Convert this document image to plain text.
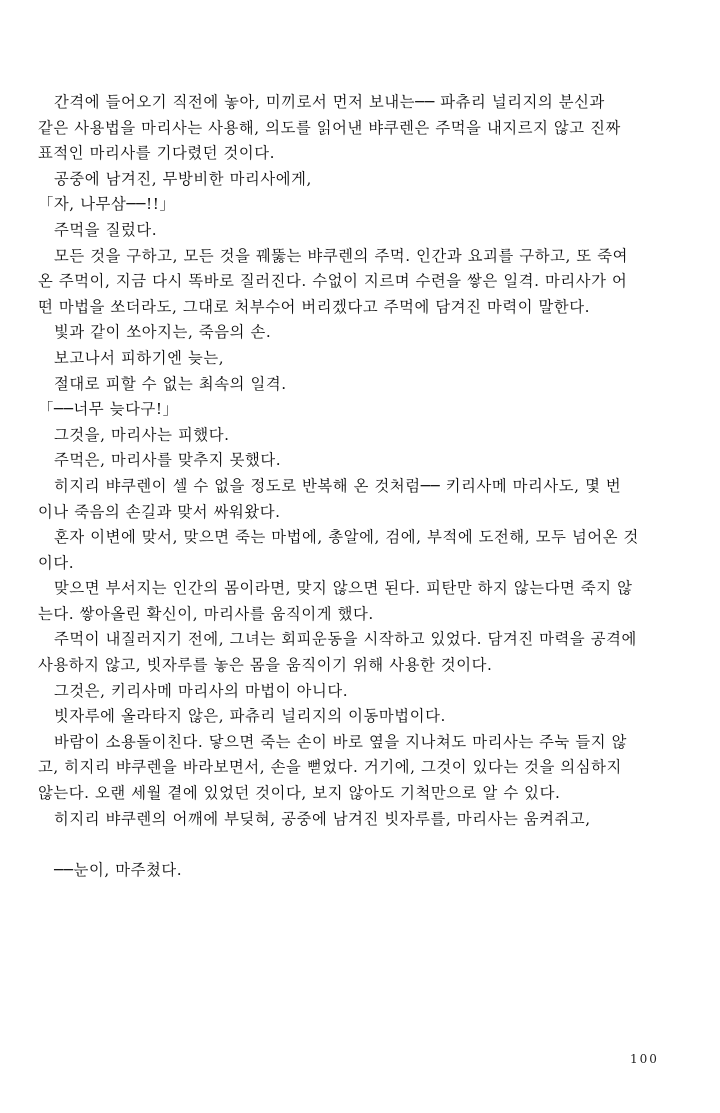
간격에 들어오기 직전에 놓아, 미끼로서 먼저 보내는── 파츄리 널리지의 분신과
같은 사용법을 마리사는 사용해, 의도를 읽어낸 뱌쿠렌은 주먹을 내지르지 않고 진짜
표적인 마리사를 기다렸던 것이다.
공중에 남겨진, 무방비한 마리사에게,
「자, 나무삼──!!」
주먹을 질렀다.
모든 것을 구하고, 모든 것을 꿰뚫는 뱌쿠렌의 주먹. 인간과 요괴를 구하고, 또 죽여
온 주먹이, 지금 다시 똑바로 질러진다. 수없이 지르며 수련을 쌓은 일격. 마리사가 어
떤 마법을 쏘더라도, 그대로 처부수어 버리겠다고 주먹에 담겨진 마력이 말한다.
빛과 같이 쏘아지는, 죽음의 손.
보고나서 피하기엔 늦는,
절대로 피할 수 없는 최속의 일격.
「──너무 늦다구!」
그것을, 마리사는 피했다.
주먹은, 마리사를 맞추지 못했다.
히지리 뱌쿠렌이 셀 수 없을 정도로 반복해 온 것처럼── 키리사메 마리사도, 몇 번
이나 죽음의 손길과 맞서 싸워왔다.
혼자 이변에 맞서, 맞으면 죽는 마법에, 총알에, 검에, 부적에 도전해, 모두 넘어온 것
이다.
맞으면 부서지는 인간의 몸이라면, 맞지 않으면 된다. 피탄만 하지 않는다면 죽지 않
는다. 쌓아올린 확신이, 마리사를 움직이게 했다.
주먹이 내질러지기 전에, 그녀는 회피운동을 시작하고 있었다. 담겨진 마력을 공격에
사용하지 않고, 빗자루를 놓은 몸을 움직이기 위해 사용한 것이다.
그것은, 키리사메 마리사의 마법이 아니다.
빗자루에 올라타지 않은, 파츄리 널리지의 이동마법이다.
바람이 소용돌이친다. 닿으면 죽는 손이 바로 옆을 지나쳐도 마리사는 주눅 들지 않
고, 히지리 뱌쿠렌을 바라보면서, 손을 뻗었다. 거기에, 그것이 있다는 것을 의심하지
않는다. 오랜 세월 곁에 있었던 것이다, 보지 않아도 기척만으로 알 수 있다.
히지리 뱌쿠렌의 어깨에 부딪혀, 공중에 남겨진 빗자루를, 마리사는 움켜쥐고,
──눈이, 마주쳤다.
100
